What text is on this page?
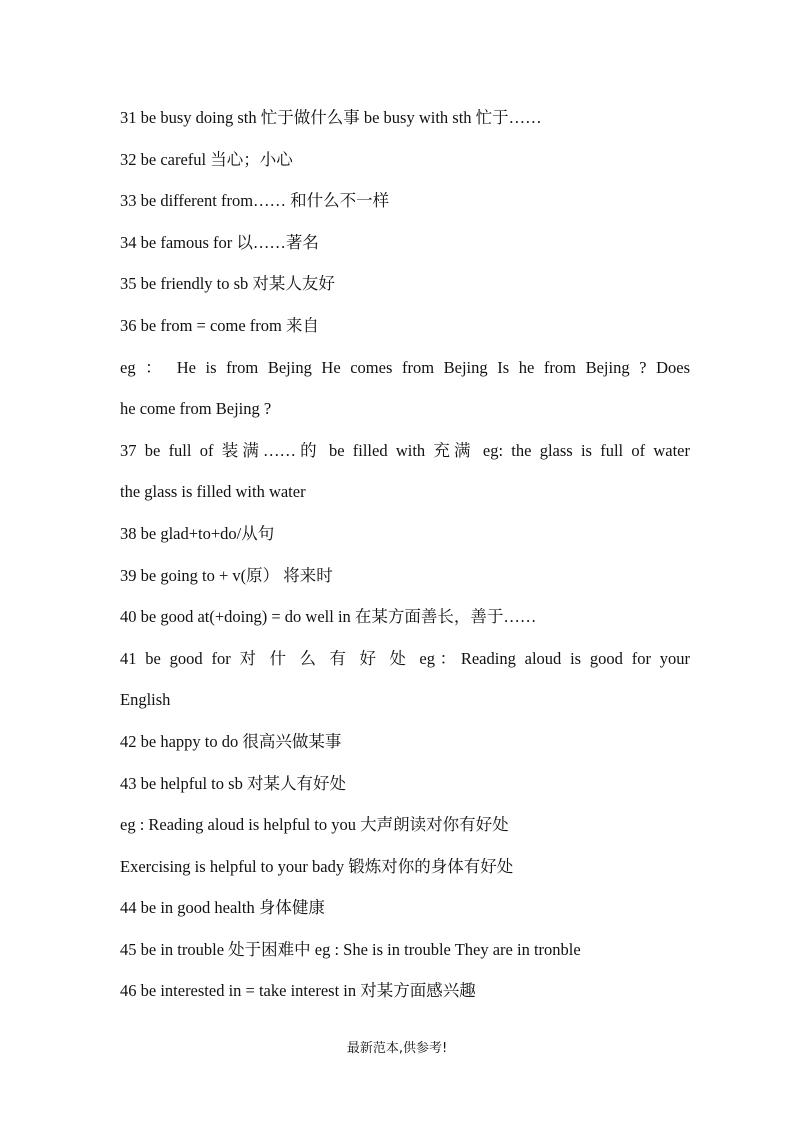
31 be busy doing sth 忙于做什么事 be busy with sth 忙于……
32 be careful 当心；小心
33 be different from…… 和什么不一样
34 be famous for 以……著名
35 be friendly to sb 对某人友好
36 be from = come from 来自
eg ： He is from Bejing He comes from Bejing Is he from Bejing ? Does
he come from Bejing ?
37 be full of 装满……的 be filled with 充满 eg: the glass is full of water
the glass is filled with water
38 be glad+to+do/从句
39 be going to + v(原） 将来时
40 be good at(+doing) = do well in 在某方面善长，善于……
41 be good for 对 什 么 有 好 处 eg：Reading aloud is good for your
English
42 be happy to do 很高兴做某事
43 be helpful to sb 对某人有好处
eg : Reading aloud is helpful to you 大声朗读对你有好处
Exercising is helpful to your bady 锻炼对你的身体有好处
44 be in good health 身体健康
45 be in trouble 处于困难中 eg : She is in trouble They are in tronble
46 be interested in = take interest in 对某方面感兴趣
最新范本,供参考!
